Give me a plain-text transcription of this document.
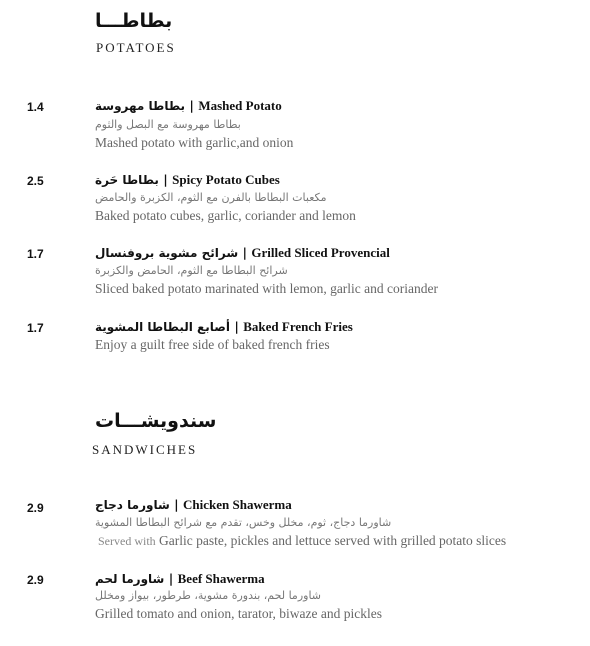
بطاطـــا
POTATOES
1.4	بطاطا مهروسة | Mashed Potato
بطاطا مهروسة مع البصل والثوم
Mashed potato with garlic,and onion
2.5	بطاطا حَرة | Spicy Potato Cubes
مكعبات البطاطا بالفرن مع الثوم، الكزبرة والحامض
Baked potato cubes, garlic, coriander and lemon
1.7	شرائح مشوية بروفنسال | Grilled Sliced Provencial
شرائح البطاطا مع الثوم، الحامض والكزبرة
Sliced baked potato marinated with lemon, garlic and coriander
1.7	أصابع البطاطا المشوية | Baked French Fries
Enjoy a guilt free side of baked french fries
سندويشـــات
SANDWICHES
2.9	شاورما دجاج | Chicken Shawerma
شاورما دجاج، ثوم، مخلل وخس، تقدم مع شرائح البطاطا المشوية
Served with Garlic paste, pickles and lettuce served with grilled potato slices
2.9	شاورما لحم | Beef Shawerma
شاورما لحم، بندورة مشوية، طرطور، بيواز ومخلل
Grilled tomato and onion, tarator, biwaze and pickles
